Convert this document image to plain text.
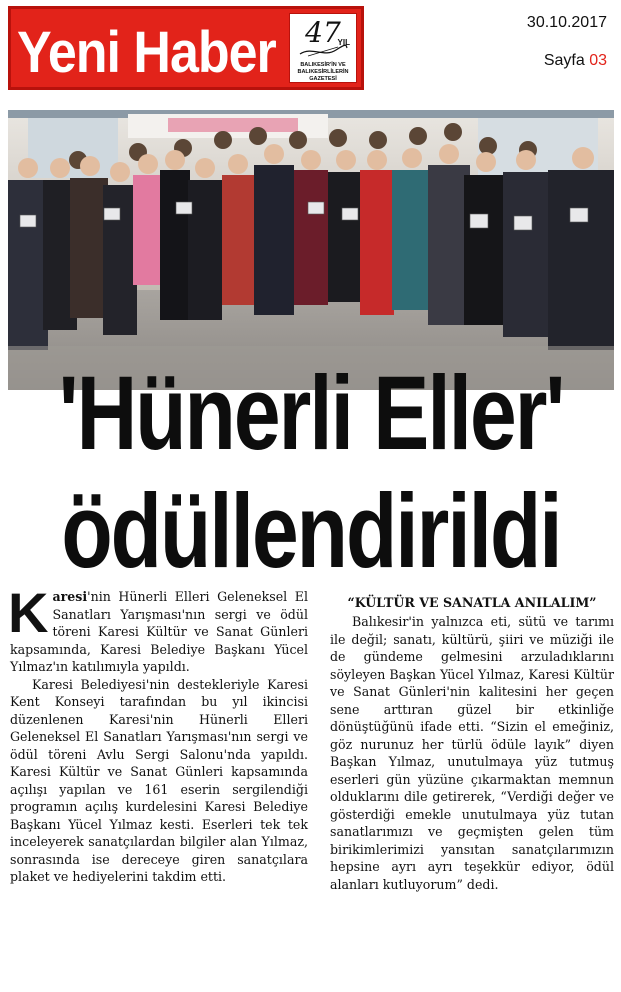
Yeni Haber	47
YIL
BALIKESİR'İN VE BALIKESİRLİLERİN GAZETESİ
30.10.2017
Sayfa 03
'Hünerli Eller'
ödüllendirildi

Karesi'nin Hünerli Elleri Geleneksel El Sanatları Yarışması'nın sergi ve ödül töreni Karesi Kültür ve Sanat Günleri kapsamında, Karesi Belediye Başkanı Yücel Yılmaz'ın katılımıyla yapıldı.

Karesi Belediyesi'nin destekleriyle Karesi Kent Konseyi tarafından bu yıl ikincisi düzenlenen Karesi'nin Hünerli Elleri Geleneksel El Sanatları Yarışması'nın sergi ve ödül töreni Avlu Sergi Salonu'nda yapıldı. Karesi Kültür ve Sanat Günleri kapsamında açılışı yapılan ve 161 eserin sergilendiği programın açılış kurdelesini Karesi Belediye Başkanı Yücel Yılmaz kesti. Eserleri tek tek inceleyerek sanatçılardan bilgiler alan Yılmaz, sonrasında ise dereceye giren sanatçılara plaket ve hediyelerini takdim etti.

“KÜLTÜR VE SANATLA ANILALIM”

Balıkesir'in yalnızca eti, sütü ve tarımı ile değil; sanatı, kültürü, şiiri ve müziği ile de gündeme gelmesini arzuladıklarını söyleyen Başkan Yücel Yılmaz, Karesi Kültür ve Sanat Günleri'nin kalitesini her geçen sene arttıran güzel bir etkinliğe dönüştüğünü ifade etti. “Sizin el emeğiniz, göz nurunuz her türlü ödüle layık” diyen Başkan Yılmaz, unutulmaya yüz tutmuş eserleri gün yüzüne çıkarmaktan memnun olduklarını dile getirerek, “Verdiği değer ve gösterdiği emekle unutulmaya yüz tutan sanatlarımızı ve geçmişten gelen tüm birikimlerimizi yansıtan sanatçılarımızın hepsine ayrı ayrı teşekkür ediyor, ödül alanları kutluyorum” dedi.
